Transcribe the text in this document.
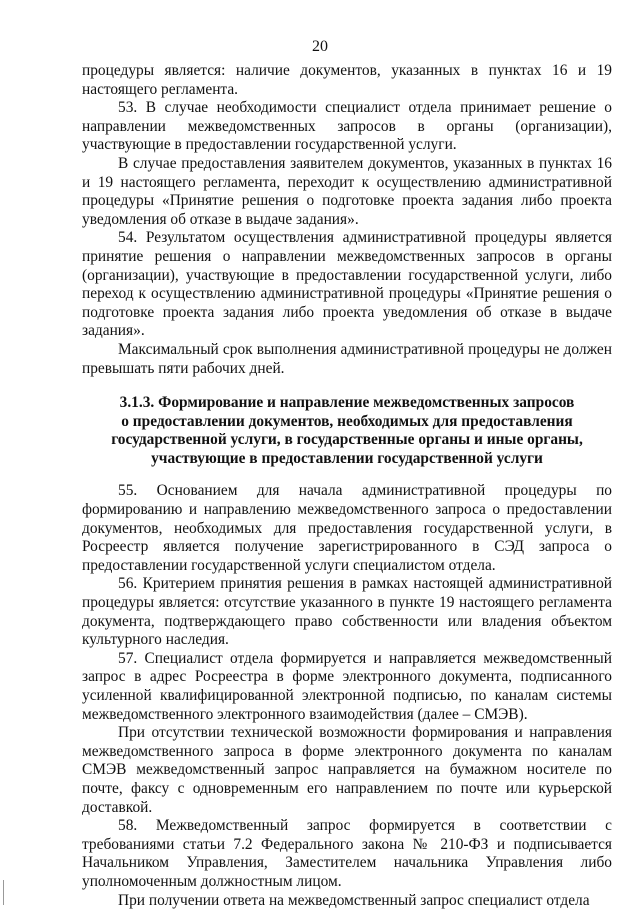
20

процедуры является: наличие документов, указанных в пунктах 16 и 19 настоящего регламента.

53. В случае необходимости специалист отдела принимает решение о направлении межведомственных запросов в органы (организации), участвующие в предоставлении государственной услуги.

В случае предоставления заявителем документов, указанных в пунктах 16 и 19 настоящего регламента, переходит к осуществлению административной процедуры «Принятие решения о подготовке проекта задания либо проекта уведомления об отказе в выдаче задания».

54. Результатом осуществления административной процедуры является принятие решения о направлении межведомственных запросов в органы (организации), участвующие в предоставлении государственной услуги, либо переход к осуществлению административной процедуры «Принятие решения о подготовке проекта задания либо проекта уведомления об отказе в выдаче задания».

Максимальный срок выполнения административной процедуры не должен превышать пяти рабочих дней.

3.1.3. Формирование и направление межведомственных запросов
о предоставлении документов, необходимых для предоставления
государственной услуги, в государственные органы и иные органы,
участвующие в предоставлении государственной услуги

55. Основанием для начала административной процедуры по формированию и направлению межведомственного запроса о предоставлении документов, необходимых для предоставления государственной услуги, в Росреестр является получение зарегистрированного в СЭД запроса о предоставлении государственной услуги специалистом отдела.

56. Критерием принятия решения в рамках настоящей административной процедуры является: отсутствие указанного в пункте 19 настоящего регламента документа, подтверждающего право собственности или владения объектом культурного наследия.

57. Специалист отдела формируется и направляется межведомственный запрос в адрес Росреестра в форме электронного документа, подписанного усиленной квалифицированной электронной подписью, по каналам системы межведомственного электронного взаимодействия (далее – СМЭВ).

При отсутствии технической возможности формирования и направления межведомственного запроса в форме электронного документа по каналам СМЭВ межведомственный запрос направляется на бумажном носителе по почте, факсу с одновременным его направлением по почте или курьерской доставкой.

58. Межведомственный запрос формируется в соответствии с требованиями статьи 7.2 Федерального закона № 210-ФЗ и подписывается Начальником Управления, Заместителем начальника Управления либо уполномоченным должностным лицом.

При получении ответа на межведомственный запрос специалист отдела
